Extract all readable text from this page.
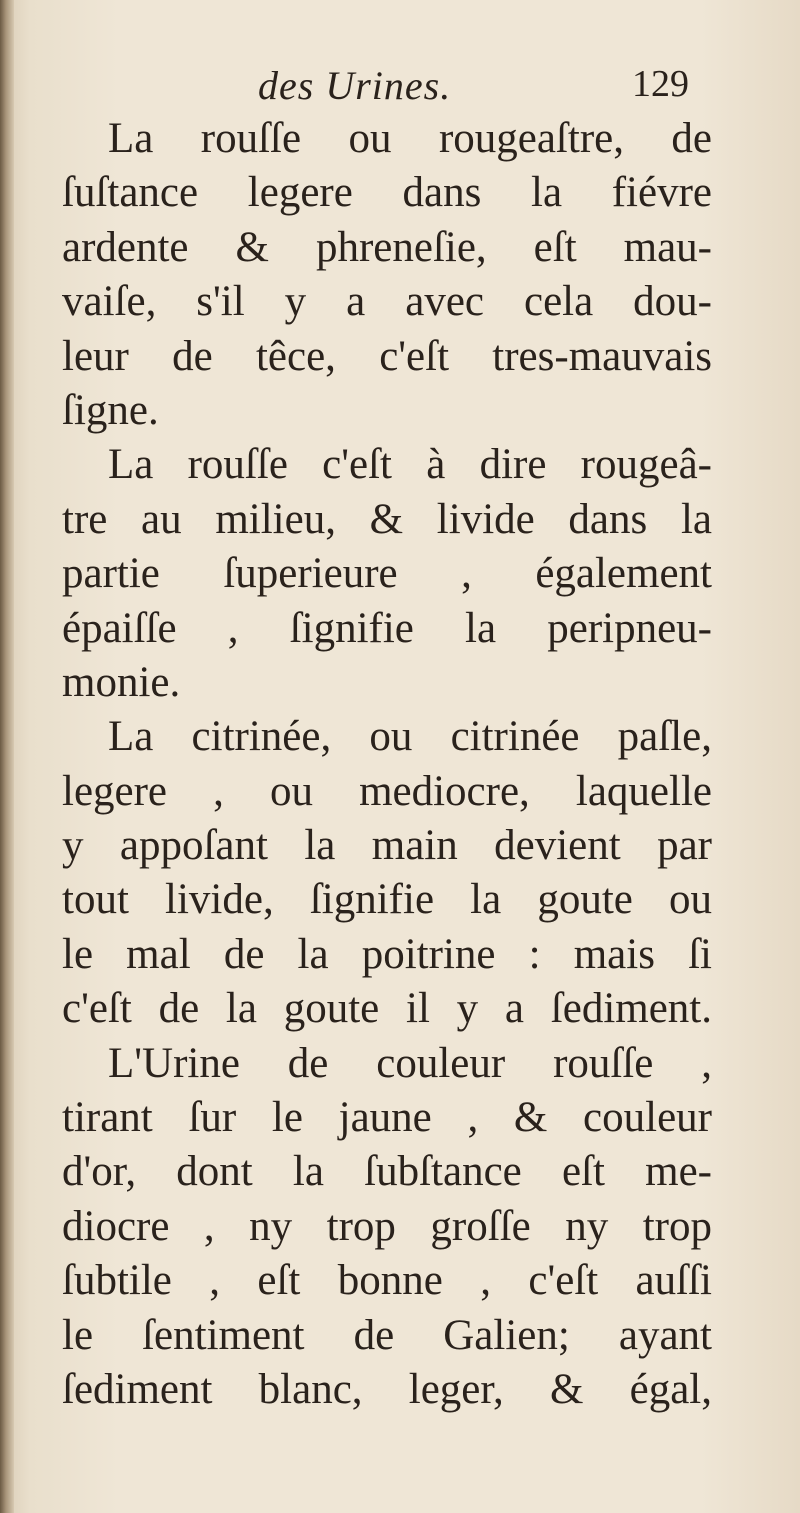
des Urines.	129
La rouſſe ou rougeaſtre, de
ſuſtance legere dans la fiévre
ardente & phreneſie, eſt mau-
vaiſe, s'il y a avec cela dou-
leur de têce, c'eſt tres-mauvais
ſigne.
La rouſſe c'eſt à dire rougeâ-
tre au milieu, & livide dans la
partie ſuperieure , également
épaiſſe , ſignifie la peripneu-
monie.
La citrinée, ou citrinée paſle,
legere , ou mediocre, laquelle
y appoſant la main devient par
tout livide, ſignifie la goute ou
le mal de la poitrine : mais ſi
c'eſt de la goute il y a ſediment.
L'Urine de couleur rouſſe ,
tirant ſur le jaune , & couleur
d'or, dont la ſubſtance eſt me-
diocre , ny trop groſſe ny trop
ſubtile , eſt bonne , c'eſt auſſi
le ſentiment de Galien; ayant
ſediment blanc, leger, & égal,
